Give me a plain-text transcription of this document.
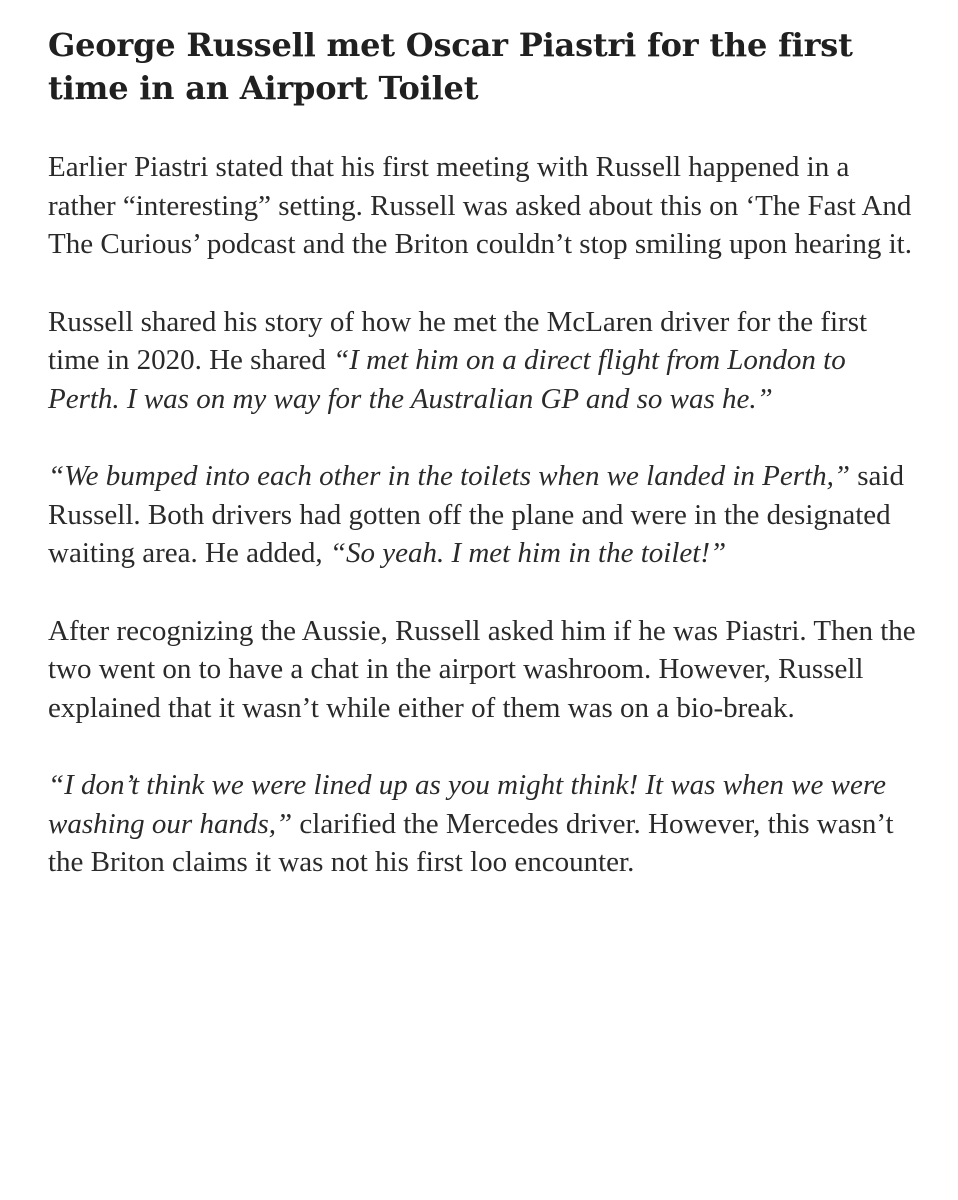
George Russell met Oscar Piastri for the first time in an Airport Toilet

Earlier Piastri stated that his first meeting with Russell happened in a rather “interesting” setting. Russell was asked about this on ‘The Fast And The Curious’ podcast and the Briton couldn’t stop smiling upon hearing it.

Russell shared his story of how he met the McLaren driver for the first time in 2020. He shared “I met him on a direct flight from London to Perth. I was on my way for the Australian GP and so was he.”

“We bumped into each other in the toilets when we landed in Perth,” said Russell. Both drivers had gotten off the plane and were in the designated waiting area. He added, “So yeah. I met him in the toilet!”

After recognizing the Aussie, Russell asked him if he was Piastri. Then the two went on to have a chat in the airport washroom. However, Russell explained that it wasn’t while either of them was on a bio-break.

“I don’t think we were lined up as you might think! It was when we were washing our hands,” clarified the Mercedes driver. However, this wasn’t the Briton claims it was not his first loo encounter.
